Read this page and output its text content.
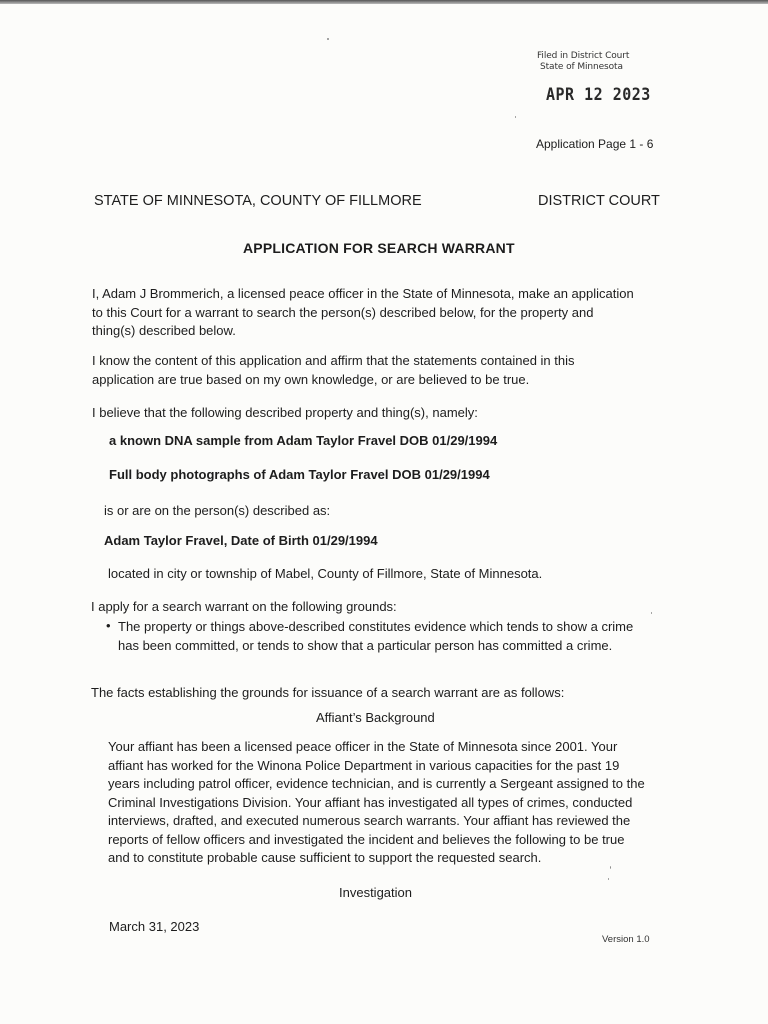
Filed in District Court
State of Minnesota
APR 12 2023
Application Page 1 - 6
STATE OF MINNESOTA, COUNTY OF FILLMORE	DISTRICT COURT
APPLICATION FOR SEARCH WARRANT
I, Adam J Brommerich, a licensed peace officer in the State of Minnesota, make an application
to this Court for a warrant to search the person(s) described below, for the property and
thing(s) described below.
I know the content of this application and affirm that the statements contained in this
application are true based on my own knowledge, or are believed to be true.
I believe that the following described property and thing(s), namely:
a known DNA sample from Adam Taylor Fravel DOB 01/29/1994
Full body photographs of Adam Taylor Fravel DOB 01/29/1994
is or are on the person(s) described as:
Adam Taylor Fravel, Date of Birth 01/29/1994
located in city or township of Mabel, County of Fillmore, State of Minnesota.
I apply for a search warrant on the following grounds:
• The property or things above-described constitutes evidence which tends to show a crime
has been committed, or tends to show that a particular person has committed a crime.
The facts establishing the grounds for issuance of a search warrant are as follows:
Affiant’s Background
Your affiant has been a licensed peace officer in the State of Minnesota since 2001. Your
affiant has worked for the Winona Police Department in various capacities for the past 19
years including patrol officer, evidence technician, and is currently a Sergeant assigned to the
Criminal Investigations Division. Your affiant has investigated all types of crimes, conducted
interviews, drafted, and executed numerous search warrants. Your affiant has reviewed the
reports of fellow officers and investigated the incident and believes the following to be true
and to constitute probable cause sufficient to support the requested search.
Investigation
March 31, 2023
Version 1.0
